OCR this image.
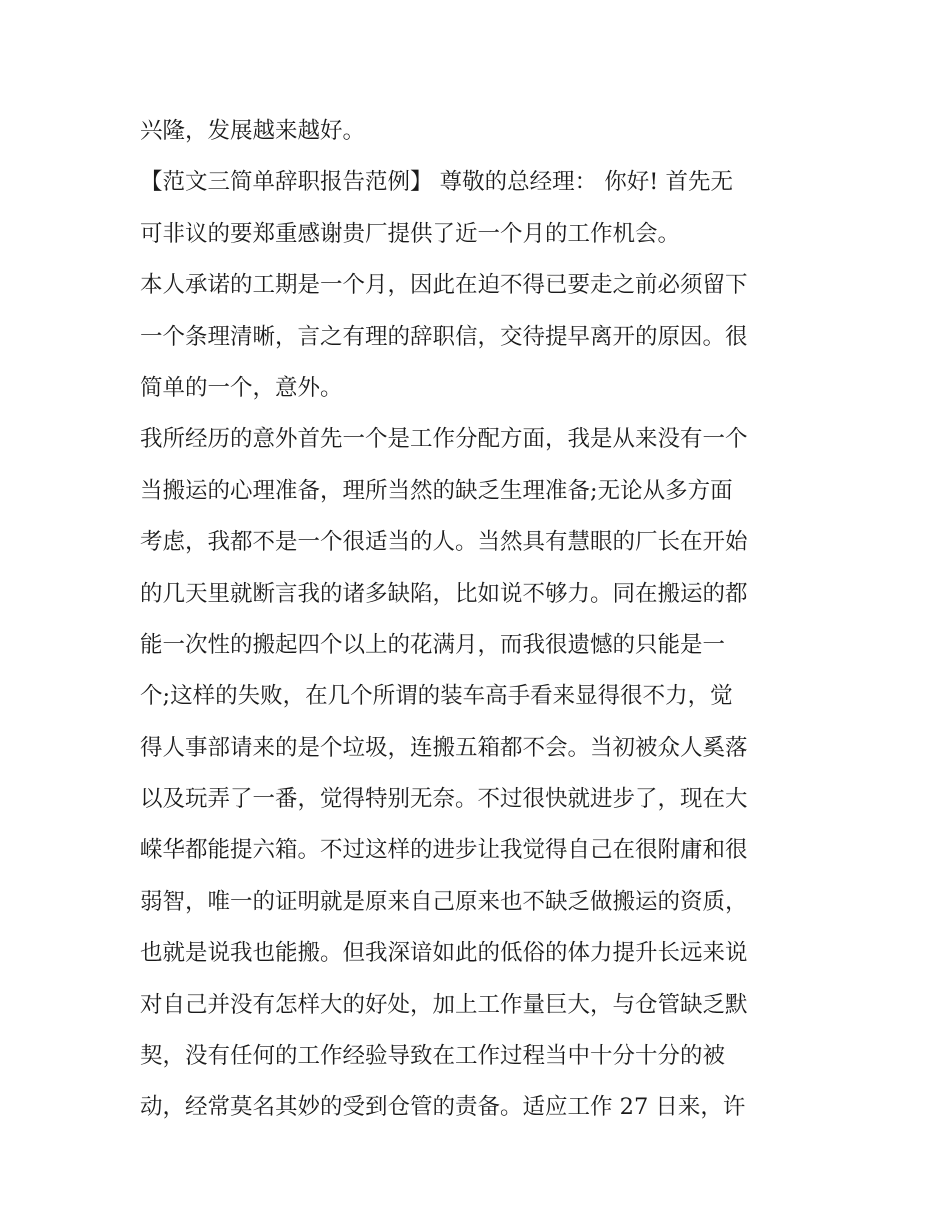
兴隆，发展越来越好。
【范文三简单辞职报告范例】 尊敬的总经理： 你好! 首先无
可非议的要郑重感谢贵厂提供了近一个月的工作机会。
本人承诺的工期是一个月，因此在迫不得已要走之前必须留下
一个条理清晰，言之有理的辞职信，交待提早离开的原因。很
简单的一个，意外。
我所经历的意外首先一个是工作分配方面，我是从来没有一个
当搬运的心理准备，理所当然的缺乏生理准备;无论从多方面
考虑，我都不是一个很适当的人。当然具有慧眼的厂长在开始
的几天里就断言我的诸多缺陷，比如说不够力。同在搬运的都
能一次性的搬起四个以上的花满月，而我很遗憾的只能是一
个;这样的失败，在几个所谓的装车高手看来显得很不力，觉
得人事部请来的是个垃圾，连搬五箱都不会。当初被众人奚落
以及玩弄了一番，觉得特别无奈。不过很快就进步了，现在大
嵘华都能提六箱。不过这样的进步让我觉得自己在很附庸和很
弱智，唯一的证明就是原来自己原来也不缺乏做搬运的资质，
也就是说我也能搬。但我深谙如此的低俗的体力提升长远来说
对自己并没有怎样大的好处，加上工作量巨大，与仓管缺乏默
契，没有任何的工作经验导致在工作过程当中十分十分的被
动，经常莫名其妙的受到仓管的责备。适应工作 27 日来，许
